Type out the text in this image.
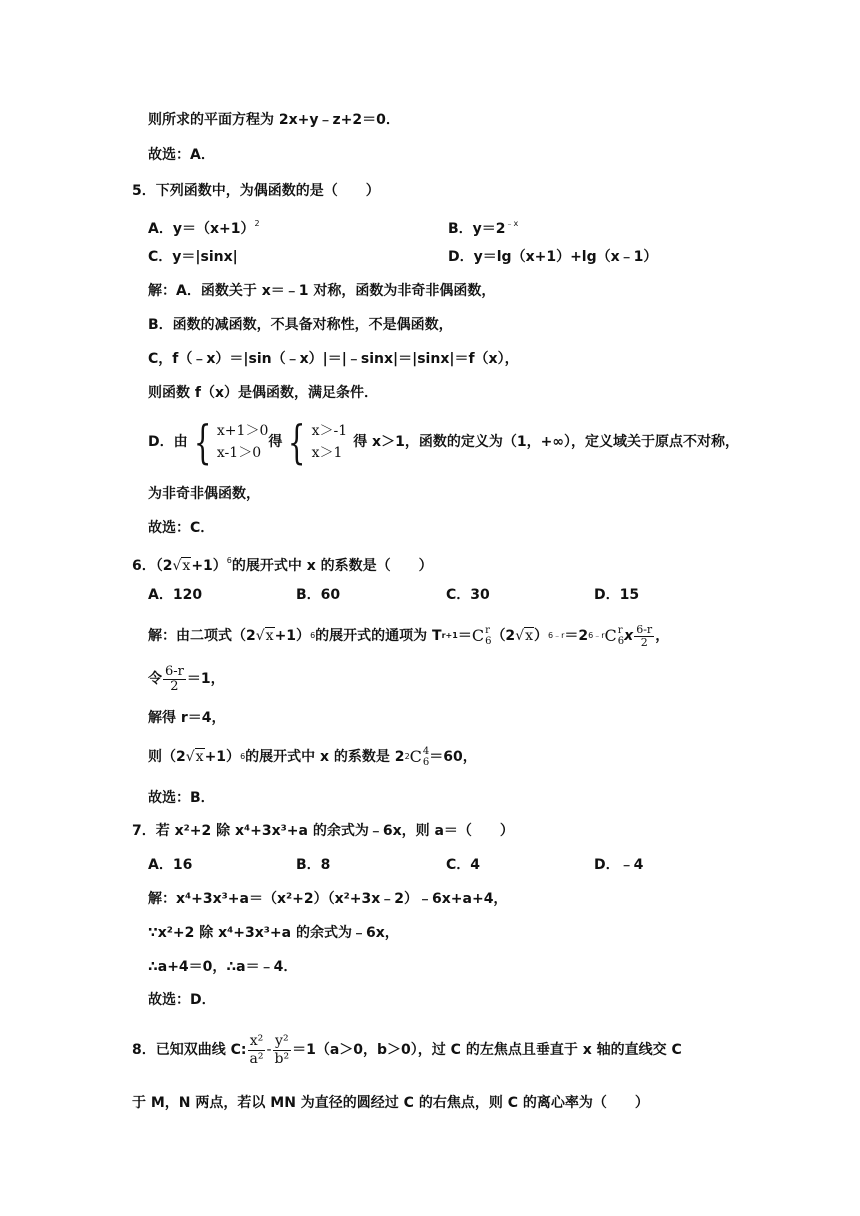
则所求的平面方程为 2x+y﹣z+2＝0．
故选：A．
5．下列函数中，为偶函数的是（　　）
A．$y=(x+1)^2$	B．$y=2^{﹣x}$
C．y＝|sinx|	D．y＝lg（x+1）+lg（x﹣1）
解：A．函数关于 x＝﹣1 对称，函数为非奇非偶函数，
B．函数的减函数，不具备对称性，不是偶函数，
C，f（﹣x）＝|sin（﹣x）|＝|﹣sinx|＝|sinx|＝f（x），
则函数 f（x）是偶函数，满足条件．
D．由 { x+1＞0
x-1＞0
得 { x＞-1
x＞1
得 x＞1，函数的定义为（1，+∞），定义域关于原点不对称，
为非奇非偶函数，
故选：C．
6．$(2√x+1)^6$的展开式中 x 的系数是（　　）
A．120	B．60	C．30	D．15
解：由二项式（2 √x +1） 6 的展开式的通项为 T r+1 ＝ C r
6 （2 √x ） 6﹣r ＝2 6﹣r C r
6 x $\frac{6-r}{2}$ ，
令 $\frac{6-r}{2} =1$，
解得 r＝4，
则（2 √x +1） 6 的展开式中 x 的系数是 2 2 C 4
6 ＝60，
故选：B．
7．若 x²+2 除 x⁴+3x³+a 的余式为﹣6x，则 a＝（　　）
A．16	B．8	C．4	D．﹣4
解：x⁴+3x³+a＝（x²+2）（x²+3x﹣2）﹣6x+a+4，
∵x²+2 除 x⁴+3x³+a 的余式为﹣6x，
∴a+4＝0，∴a＝﹣4．
故选：D．
8．已知双曲线 C: $\frac{\text{x²}}{\text{a²}} - \frac{\text{y²}}{\text{b²}} =1(a>0$，b＞0），过 C 的左焦点且垂直于 x 轴的直线交 C
于 M，N 两点，若以 MN 为直径的圆经过 C 的右焦点，则 C 的离心率为（　　）
